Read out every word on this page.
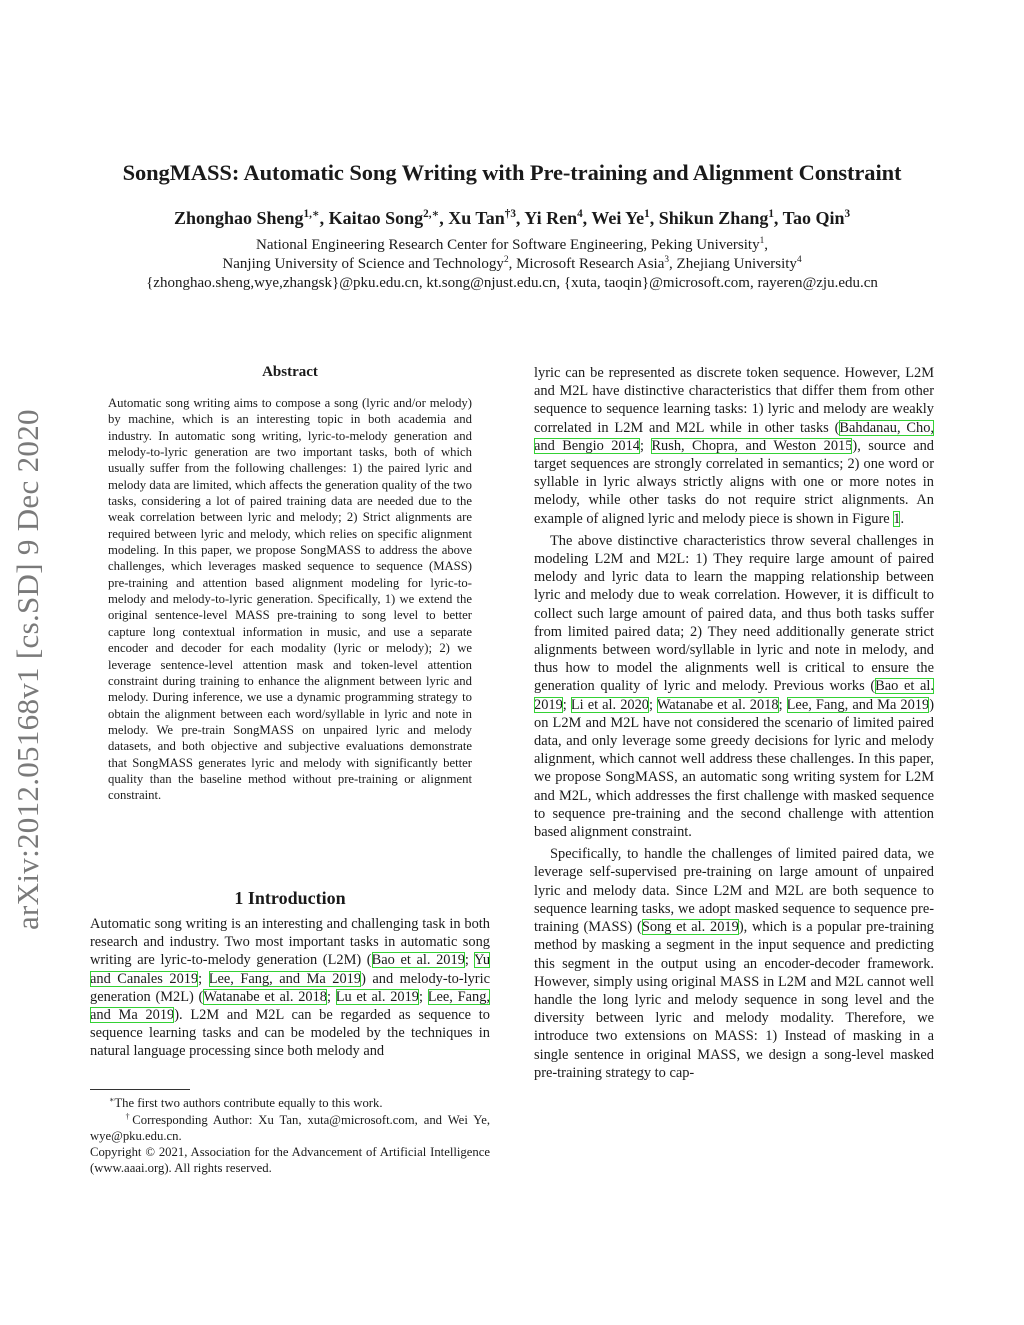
SongMASS: Automatic Song Writing with Pre-training and Alignment Constraint
Zhonghao Sheng$^{1,∗}$, Kaitao Song$^{2,∗}$, Xu Tan$^{\dagger 3}$, Yi Ren$^4$, Wei Ye$^1$, Shikun Zhang$^1$, Tao Qin$^3$
National Engineering Research Center for Software Engineering, Peking University$^1$,
Nanjing University of Science and Technology$^2$, Microsoft Research Asia$^3$, Zhejiang University$^4$
{zhonghao.sheng,wye,zhangsk}@pku.edu.cn, kt.song@njust.edu.cn, {xuta, taoqin}@microsoft.com, rayeren@zju.edu.cn
arXiv:2012.05168v1 [cs.SD] 9 Dec 2020
Abstract
Automatic song writing aims to compose a song (lyric and/or melody) by machine, which is an interesting topic in both academia and industry. In automatic song writing, lyric-to-melody generation and melody-to-lyric generation are two important tasks, both of which usually suffer from the following challenges: 1) the paired lyric and melody data are limited, which affects the generation quality of the two tasks, considering a lot of paired training data are needed due to the weak correlation between lyric and melody; 2) Strict alignments are required between lyric and melody, which relies on specific alignment modeling. In this paper, we propose SongMASS to address the above challenges, which leverages masked sequence to sequence (MASS) pre-training and attention based alignment modeling for lyric-to-melody and melody-to-lyric generation. Specifically, 1) we extend the original sentence-level MASS pre-training to song level to better capture long contextual information in music, and use a separate encoder and decoder for each modality (lyric or melody); 2) we leverage sentence-level attention mask and token-level attention constraint during training to enhance the alignment between lyric and melody. During inference, we use a dynamic programming strategy to obtain the alignment between each word/syllable in lyric and note in melody. We pre-train SongMASS on unpaired lyric and melody datasets, and both objective and subjective evaluations demonstrate that SongMASS generates lyric and melody with significantly better quality than the baseline method without pre-training or alignment constraint.
1 Introduction
Automatic song writing is an interesting and challenging task in both research and industry. Two most important tasks in automatic song writing are lyric-to-melody generation (L2M) (Bao et al. 2019; Yu and Canales 2019; Lee, Fang, and Ma 2019) and melody-to-lyric generation (M2L) (Watanabe et al. 2018; Lu et al. 2019; Lee, Fang, and Ma 2019). L2M and M2L can be regarded as sequence to sequence learning tasks and can be modeled by the techniques in natural language processing since both melody and
∗The first two authors contribute equally to this work.
†Corresponding Author: Xu Tan, xuta@microsoft.com, and Wei Ye, wye@pku.edu.cn.
Copyright © 2021, Association for the Advancement of Artificial Intelligence (www.aaai.org). All rights reserved.

lyric can be represented as discrete token sequence. However, L2M and M2L have distinctive characteristics that differ them from other sequence to sequence learning tasks: 1) lyric and melody are weakly correlated in L2M and M2L while in other tasks (Bahdanau, Cho, and Bengio 2014; Rush, Chopra, and Weston 2015), source and target sequences are strongly correlated in semantics; 2) one word or syllable in lyric always strictly aligns with one or more notes in melody, while other tasks do not require strict alignments. An example of aligned lyric and melody piece is shown in Figure 1.

The above distinctive characteristics throw several challenges in modeling L2M and M2L: 1) They require large amount of paired melody and lyric data to learn the mapping relationship between lyric and melody due to weak correlation. However, it is difficult to collect such large amount of paired data, and thus both tasks suffer from limited paired data; 2) They need additionally generate strict alignments between word/syllable in lyric and note in melody, and thus how to model the alignments well is critical to ensure the generation quality of lyric and melody. Previous works (Bao et al. 2019; Li et al. 2020; Watanabe et al. 2018; Lee, Fang, and Ma 2019) on L2M and M2L have not considered the scenario of limited paired data, and only leverage some greedy decisions for lyric and melody alignment, which cannot well address these challenges. In this paper, we propose SongMASS, an automatic song writing system for L2M and M2L, which addresses the first challenge with masked sequence to sequence pre-training and the second challenge with attention based alignment constraint.

Specifically, to handle the challenges of limited paired data, we leverage self-supervised pre-training on large amount of unpaired lyric and melody data. Since L2M and M2L are both sequence to sequence learning tasks, we adopt masked sequence to sequence pre-training (MASS) (Song et al. 2019), which is a popular pre-training method by masking a segment in the input sequence and predicting this segment in the output using an encoder-decoder framework. However, simply using original MASS in L2M and M2L cannot well handle the long lyric and melody sequence in song level and the diversity between lyric and melody modality. Therefore, we introduce two extensions on MASS: 1) Instead of masking in a single sentence in original MASS, we design a song-level masked pre-training strategy to cap-
